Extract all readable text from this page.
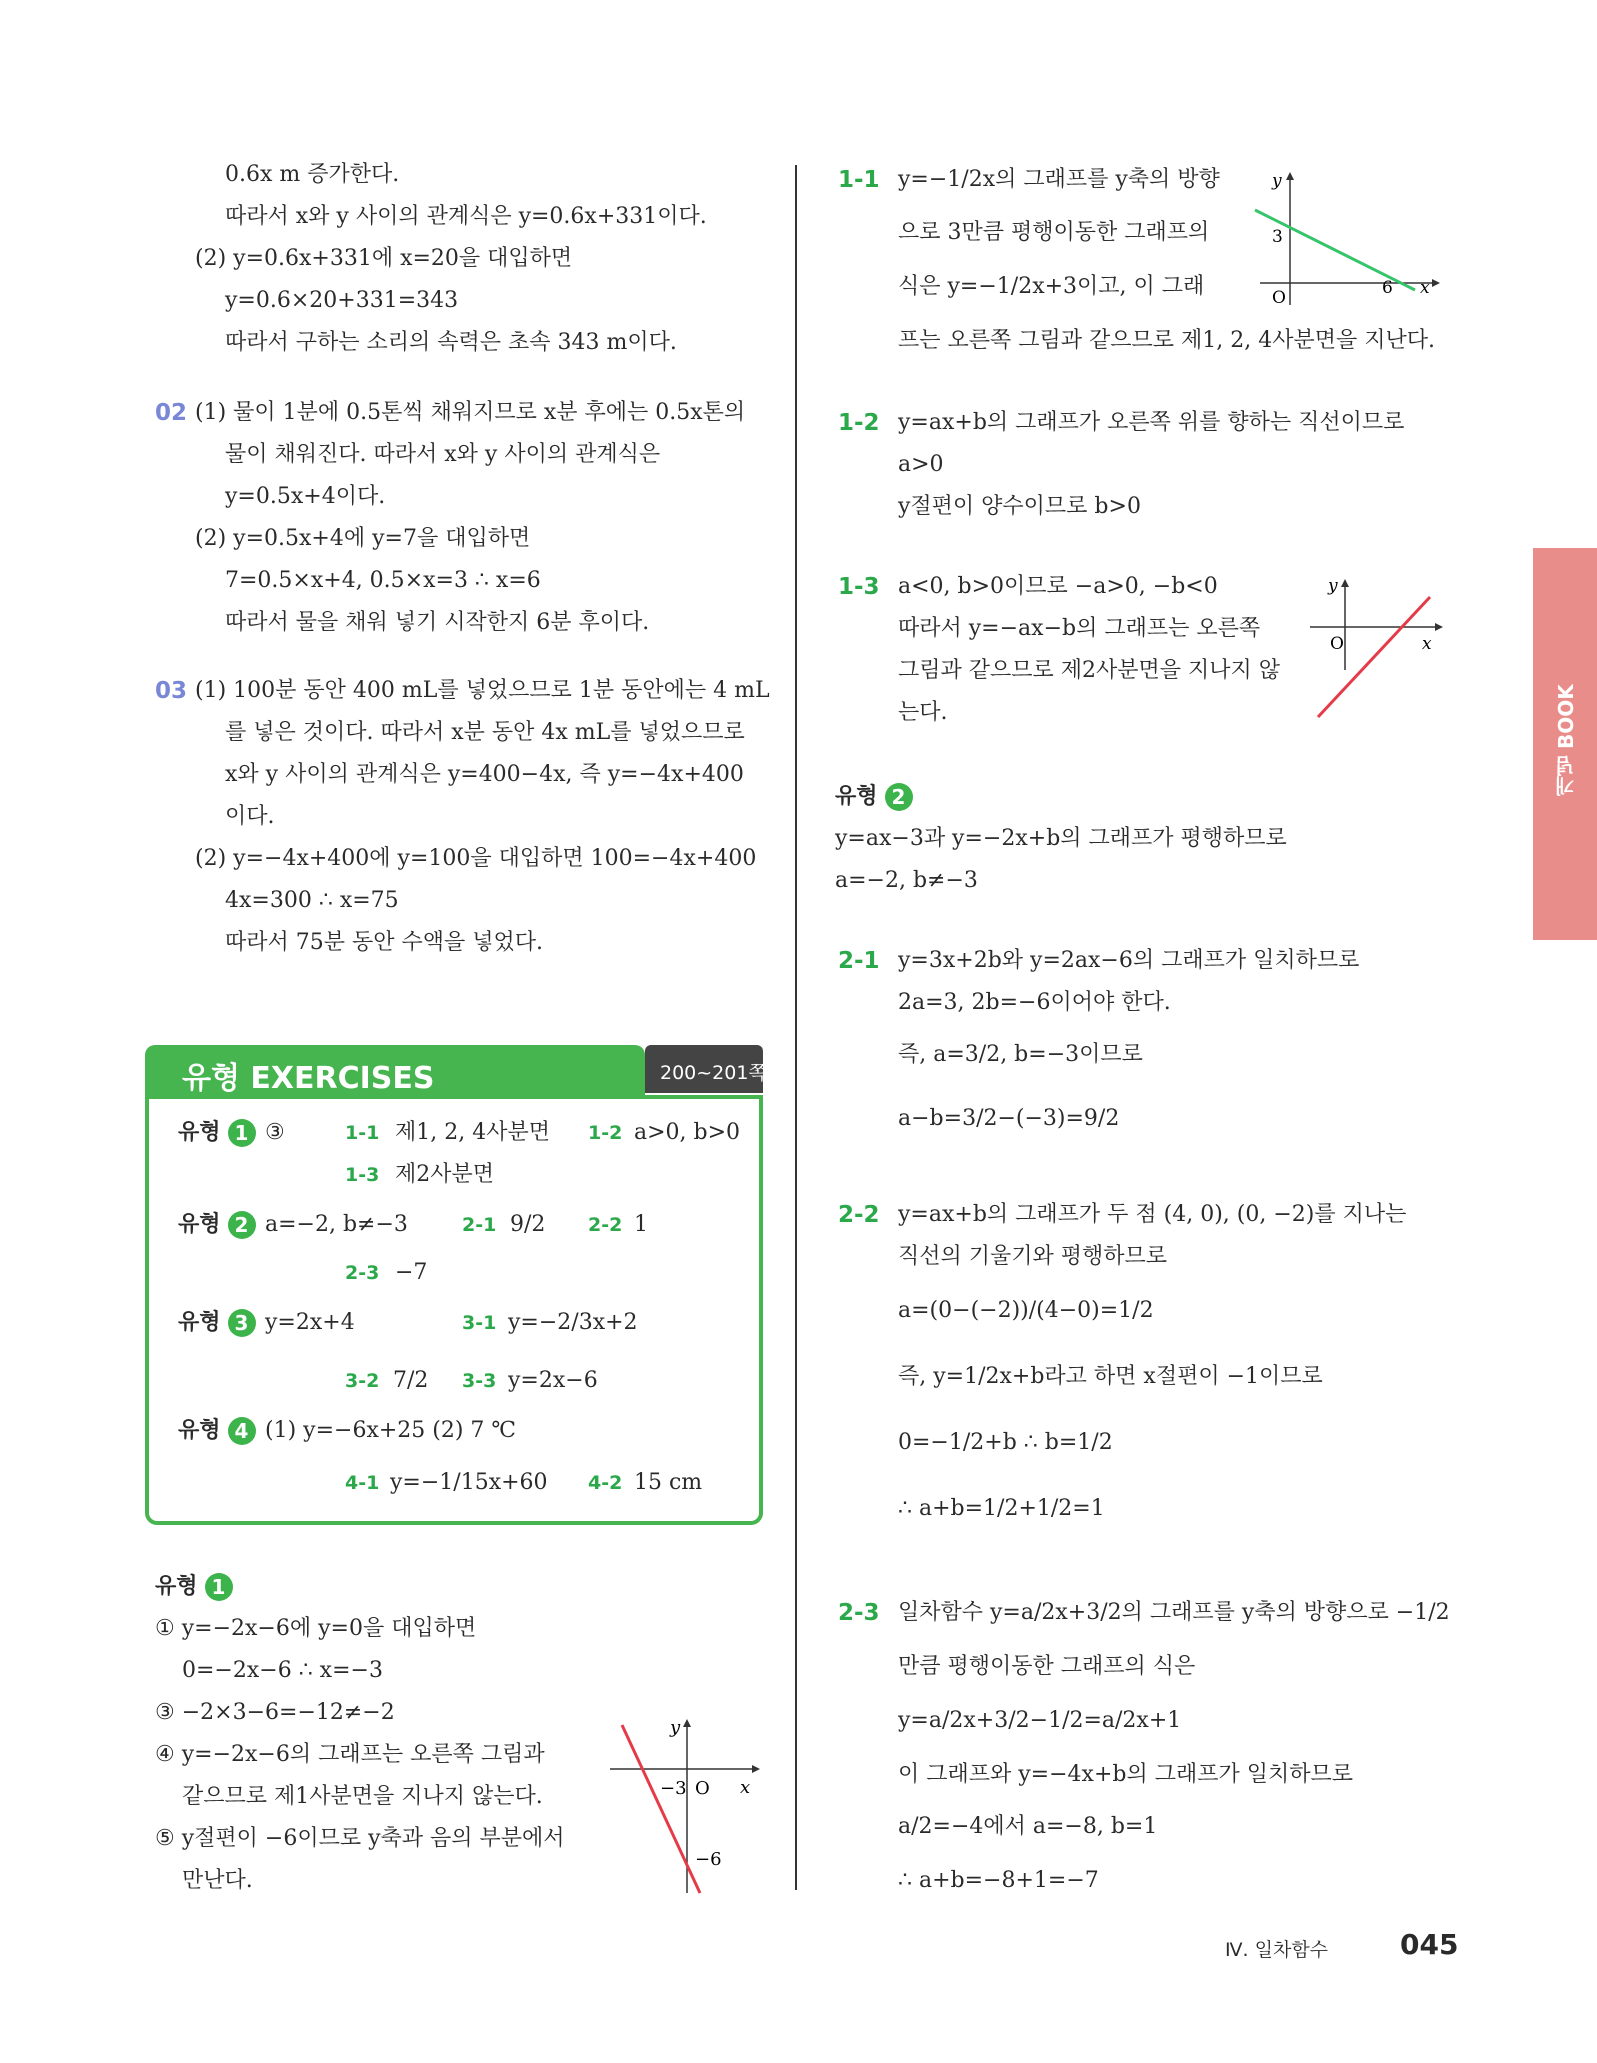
0.6x m 증가한다.
따라서 x와 y 사이의 관계식은 y=0.6x+331이다.
(2) y=0.6x+331에 x=20을 대입하면
y=0.6×20+331=343
따라서 구하는 소리의 속력은 초속 343 m이다.
02 (1) 물이 1분에 0.5톤씩 채워지므로 x분 후에는 0.5x톤의
물이 채워진다. 따라서 x와 y 사이의 관계식은
y=0.5x+4이다.
(2) y=0.5x+4에 y=7을 대입하면
7=0.5×x+4, 0.5×x=3 ∴ x=6
따라서 물을 채워 넣기 시작한지 6분 후이다.
03 (1) 100분 동안 400 mL를 넣었으므로 1분 동안에는 4 mL
를 넣은 것이다. 따라서 x분 동안 4x mL를 넣었으므로
x와 y 사이의 관계식은 y=400−4x, 즉 y=−4x+400
이다.
(2) y=−4x+400에 y=100을 대입하면 100=−4x+400
4x=300 ∴ x=75
따라서 75분 동안 수액을 넣었다.
유형 EXERCISES	200~201쪽
유형 1 ③	1-1 제1, 2, 4사분면 1-2 a>0, b>0
1-3 제2사분면
유형 2 a=−2, b≠−3	2-1 9/2 2-2 1
2-3 −7
유형 3 y=2x+4	3-1 y=−2/3x+2
3-2 7/2 3-3 y=2x−6
유형 4 (1) y=−6x+25 (2) 7 ℃
4-1 y=−1/15x+60 4-2 15 cm
유형 1
① y=−2x−6에 y=0을 대입하면
0=−2x−6 ∴ x=−3
③ −2×3−6=−12≠−2
④ y=−2x−6의 그래프는 오른쪽 그림과
같으므로 제1사분면을 지나지 않는다.
⑤ y절편이 −6이므로 y축과 음의 부분에서
만난다.
−3 O x
y
−6
1-1 y=−1/2x의 그래프를 y축의 방향
으로 3만큼 평행이동한 그래프의
식은 y=−1/2x+3이고, 이 그래
프는 오른쪽 그림과 같으므로 제1, 2, 4사분면을 지난다.
3
O	6 x
y
1-2 y=ax+b의 그래프가 오른쪽 위를 향하는 직선이므로
a>0
y절편이 양수이므로 b>0
1-3 a<0, b>0이므로 −a>0, −b<0
따라서 y=−ax−b의 그래프는 오른쪽
그림과 같으므로 제2사분면을 지나지 않
는다.
O	x
y
유형 2
y=ax−3과 y=−2x+b의 그래프가 평행하므로
a=−2, b≠−3
2-1 y=3x+2b와 y=2ax−6의 그래프가 일치하므로
2a=3, 2b=−6이어야 한다.
즉, a=3/2, b=−3이므로
a−b=3/2−(−3)=9/2
2-2 y=ax+b의 그래프가 두 점 (4, 0), (0, −2)를 지나는
직선의 기울기와 평행하므로
a=(0−(−2))/(4−0)=1/2
즉, y=1/2x+b라고 하면 x절편이 −1이므로
0=−1/2+b ∴ b=1/2
∴ a+b=1/2+1/2=1
2-3 일차함수 y=a/2x+3/2의 그래프를 y축의 방향으로 −1/2
만큼 평행이동한 그래프의 식은
y=a/2x+3/2−1/2=a/2x+1
이 그래프와 y=−4x+b의 그래프가 일치하므로
a/2=−4에서 a=−8, b=1
∴ a+b=−8+1=−7
개념 BOOK
Ⅳ. 일차함수	045
